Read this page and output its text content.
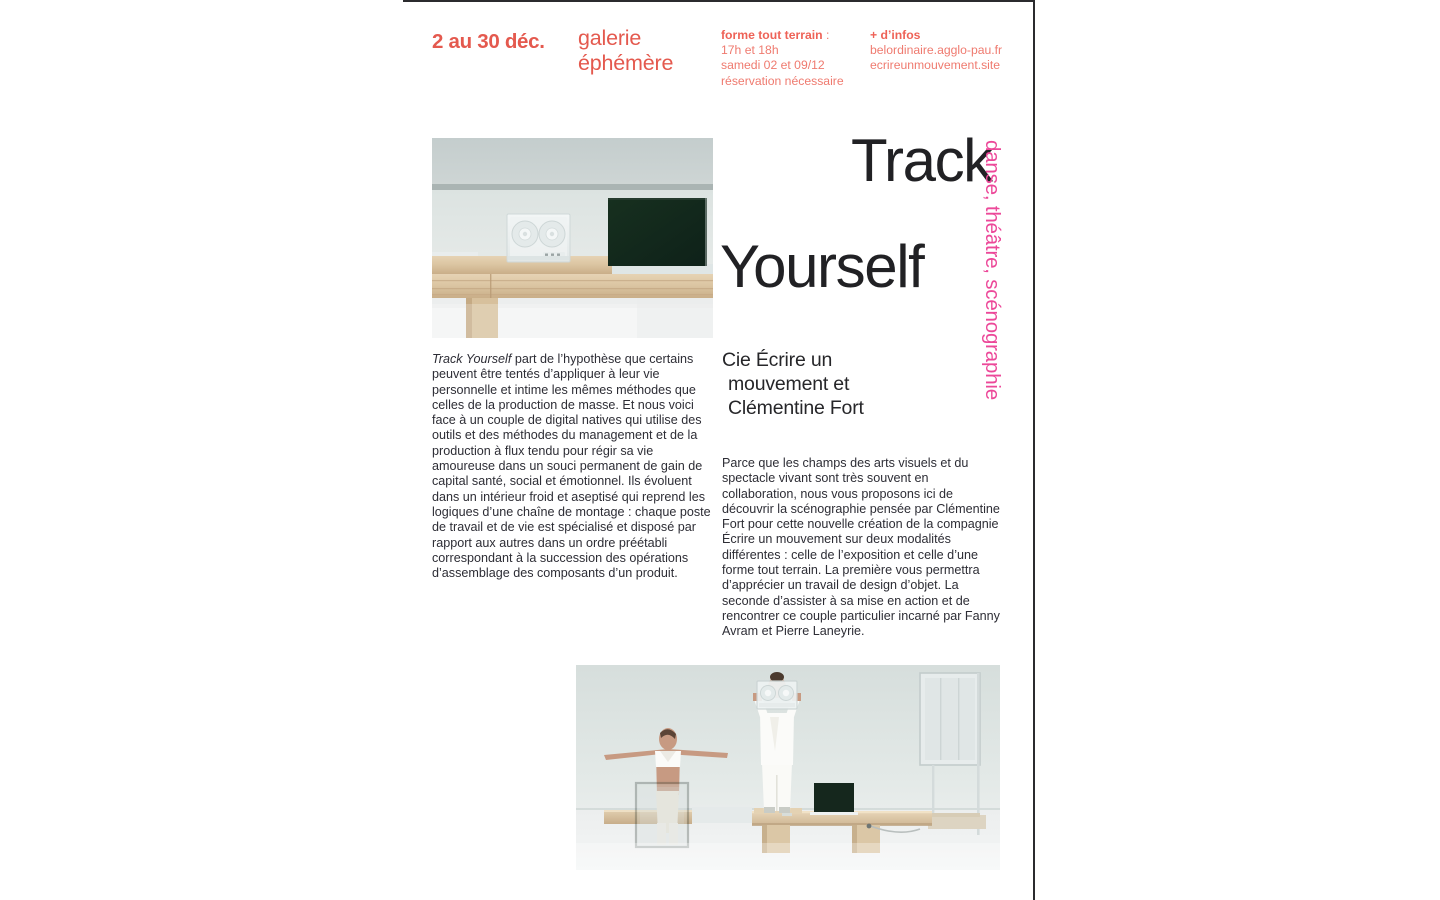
2 au 30 déc. galerie
éphémère
forme tout terrain :
17h et 18h
samedi 02 et 09/12
réservation nécessaire
+ d’infos
belordinaire.agglo-pau.fr
ecrireunmouvement.site
Track
Yourself	danse, théâtre, scénographie
Cie Écrire un
mouvement et
Clémentine Fort

Track Yourself part de l’hypothèse que certains peuvent être tentés d’appliquer à leur vie personnelle et intime les mêmes méthodes que celles de la production de masse. Et nous voici face à un couple de digital natives qui utilise des outils et des méthodes du management et de la production à flux tendu pour régir sa vie amoureuse dans un souci permanent de gain de capital santé, social et émotionnel. Ils évoluent dans un intérieur froid et aseptisé qui reprend les logiques d’une chaîne de montage : chaque poste de travail et de vie est spécialisé et disposé par rapport aux autres dans un ordre préétabli correspondant à la succession des opérations d’assemblage des composants d’un produit.

Parce que les champs des arts visuels et du spectacle vivant sont très souvent en collaboration, nous vous proposons ici de découvrir la scénographie pensée par Clémentine Fort pour cette nouvelle création de la compagnie Écrire un mouvement sur deux modalités différentes : celle de l’exposition et celle d’une forme tout terrain. La première vous permettra d’apprécier un travail de design d’objet. La seconde d’assister à sa mise en action et de rencontrer ce couple particulier incarné par Fanny Avram et Pierre Laneyrie.
